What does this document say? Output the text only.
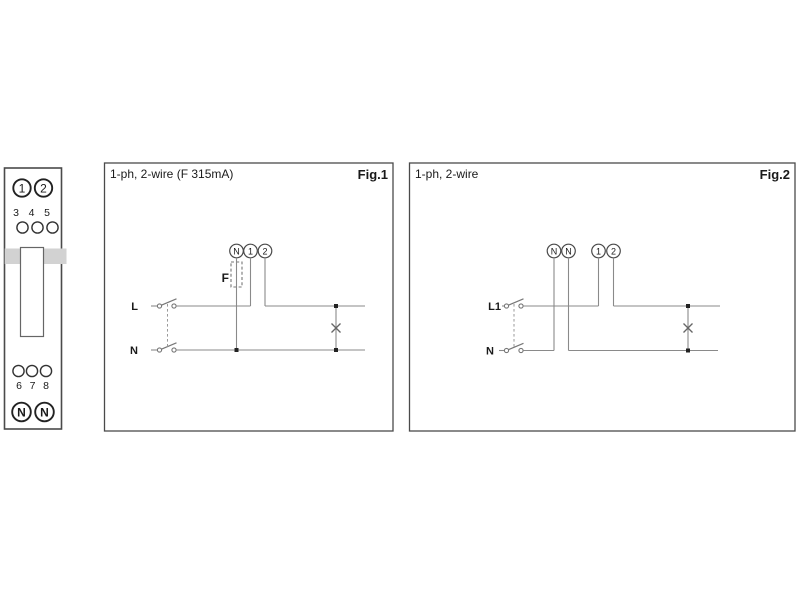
1 2
3 4 5
6 7 8
N N
1-ph, 2-wire (F 315mA)	Fig.1
N 1 2
F
L
N
1-ph, 2-wire	Fig.2
N N	1 2
L1
N
